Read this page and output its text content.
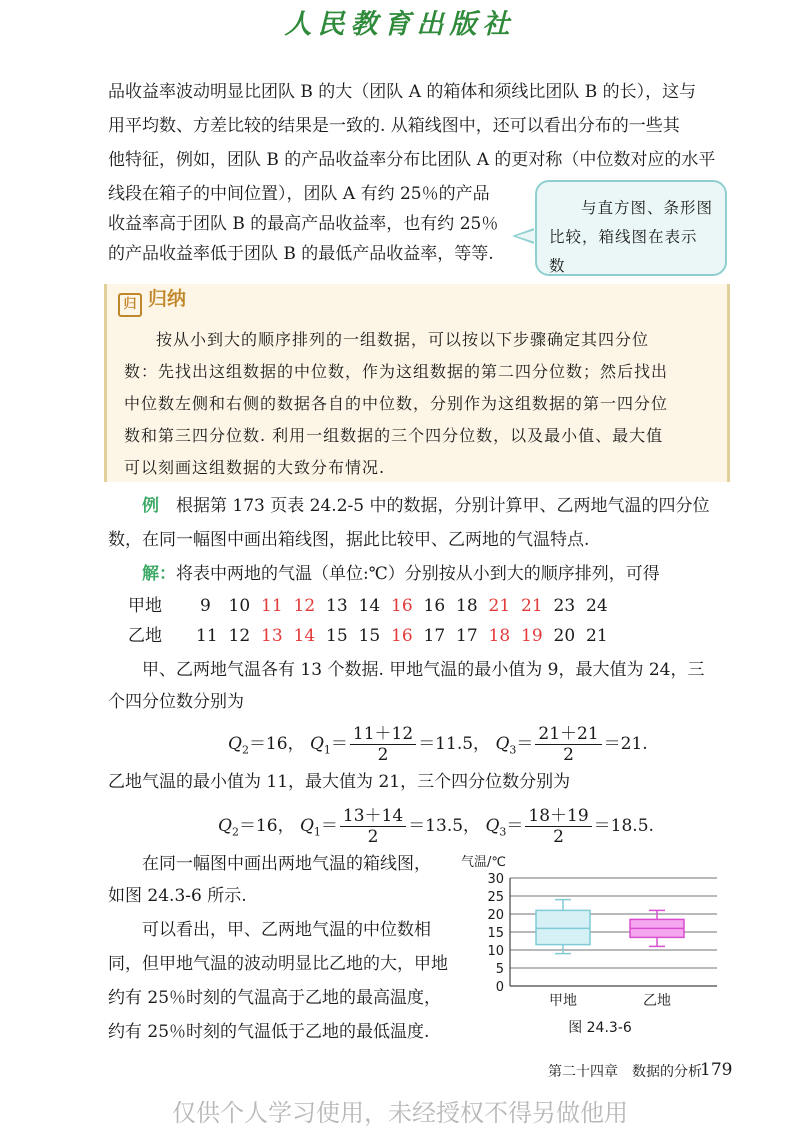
人民教育出版社
品收益率波动明显比团队 B 的大（团队 A 的箱体和须线比团队 B 的长），这与
用平均数、方差比较的结果是一致的. 从箱线图中，还可以看出分布的一些其
他特征，例如，团队 B 的产品收益率分布比团队 A 的更对称（中位数对应的水平
线段在箱子的中间位置），团队 A 有约 25％的产品
收益率高于团队 B 的最高产品收益率，也有约 25％
的产品收益率低于团队 B 的最低产品收益率，等等.
与直方图、条形图
比较，箱线图在表示数
归 归纳
按从小到大的顺序排列的一组数据，可以按以下步骤确定其四分位
数：先找出这组数据的中位数，作为这组数据的第二四分位数；然后找出
中位数左侧和右侧的数据各自的中位数，分别作为这组数据的第一四分位
数和第三四分位数. 利用一组数据的三个四分位数，以及最小值、最大值
可以刻画这组数据的大致分布情况.
例　 根据第 173 页表 24.2-5 中的数据，分别计算甲、乙两地气温的四分位
数，在同一幅图中画出箱线图，据此比较甲、乙两地的气温特点.
解：将表中两地的气温（单位:℃）分别按从小到大的顺序排列，可得
甲地 9 10 11 12 13 14 16 16 18 21 21 23 24
乙地 11 12 13 14 15 15 16 17 17 18 19 20 21
甲、乙两地气温各有 13 个数据. 甲地气温的最小值为 9，最大值为 24，三
个四分位数分别为
$Q_2=16$， $Q_1= \frac{11+12}{2} =11.5$， $Q_3= \frac{21+21}{2} =21$.
乙地气温的最小值为 11，最大值为 21，三个四分位数分别为
$Q_2=16$， $Q_1= \frac{13+14}{2} =13.5$， $Q_3= \frac{18+19}{2} =18.5$.
在同一幅图中画出两地气温的箱线图，
如图 24.3-6 所示.
可以看出，甲、乙两地气温的中位数相
同，但甲地气温的波动明显比乙地的大，甲地
约有 25％时刻的气温高于乙地的最高温度，
约有 25％时刻的气温低于乙地的最低温度.
气温/℃
0
5
10
15
20
25
30
甲地	乙地
图 24.3-6
第二十四章　数据的分析
179
仅供个人学习使用，未经授权不得另做他用
